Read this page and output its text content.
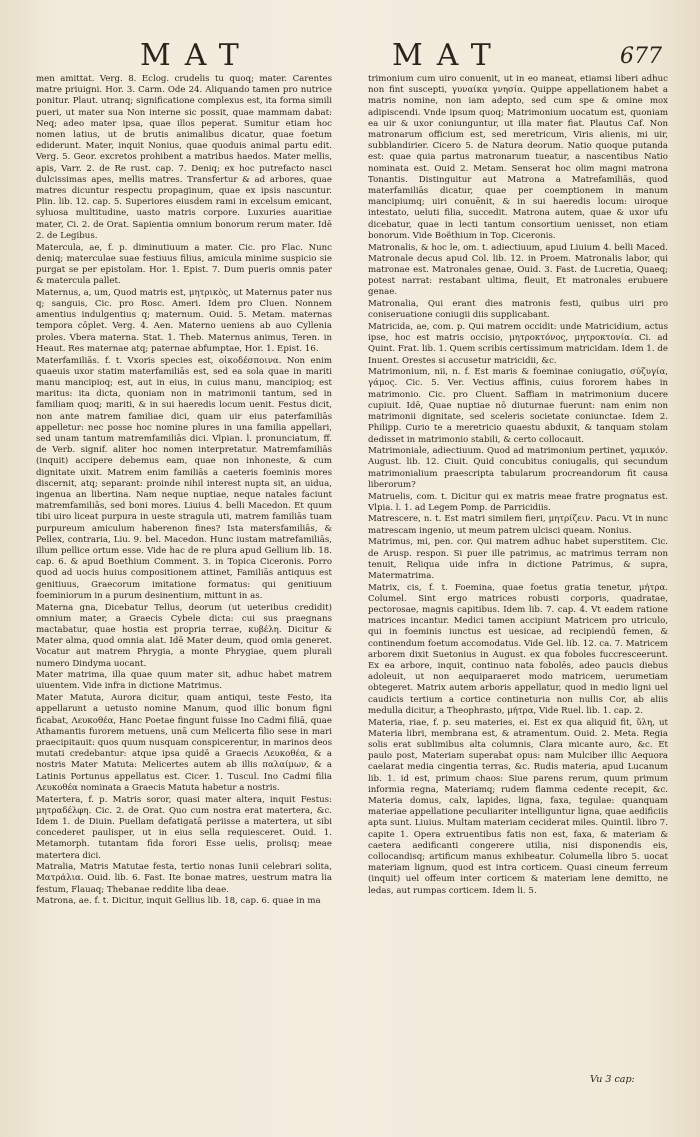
MAT	MAT	677

men amittat. Verg. 8. Eclog. crudelis tu quoq; mater. Carentes matre priuigni. Hor. 3. Carm. Ode 24. Aliquando tamen pro nutrice ponitur. Plaut. utranq; significatione complexus est, ita forma simili pueri, ut mater sua Non interne sic possit, quae mammam dabat: Neq; adeo mater ipsa, quae illos peperat. Sumitur etiam hoc nomen latius, ut de brutis animalibus dicatur, quae foetum ediderunt. Mater, inquit Nonius, quae quoduis animal partu edit. Verg. 5. Geor. excretos prohibent a matribus haedos. Mater mellis, apis, Varr. 2. de Re rust. cap. 7. Deniq; ex hoc putrefacto nasci dulcissimas apes, mellis matres. Transfertur & ad arbores, quae matres dicuntur respectu propaginum, quae ex ipsis nascuntur. Plin. lib. 12. cap. 5. Superiores eiusdem rami in excelsum emicant, syluosa multitudine, uasto matris corpore. Luxuries auaritiae mater, Ci. 2. de Orat. Sapientia omnium bonorum rerum mater. Idē 2. de Legibus.

Matercula, ae, f. p. diminutiuum a mater. Cic. pro Flac. Nunc deniq; materculae suae festiuus filius, amicula minime suspicio sie purgat se per epistolam. Hor. 1. Epist. 7. Dum pueris omnis pater & matercula pallet.

Maternus, a, um, Quod matris est, μητρικὸς, ut Maternus pater nus q; sanguis, Cic. pro Rosc. Ameri. Idem pro Cluen. Nonnem amentius indulgentius q; maternum. Ouid. 5. Metam. maternas tempora cōplet. Verg. 4. Aen. Materno ueniens ab auo Cyllenia proles. Vbera materna. Stat. 1. Theb. Maternus animus, Teren. in Heaut. Res maternae atq; paternae abfumptae, Hor. 1. Epist. 16.

Materfamiliās. f. t. Vxoris species est, οἰκοδέσποινα. Non enim quaeuis uxor statim materfamiliās est, sed ea sola quae in mariti manu mancipioq; est, aut in eius, in cuius manu, mancipioq; est maritus: ita dicta, quoniam non in matrimonii tantum, sed in familiam quoq; mariti, & in sui haeredis locum uenit. Festus dicit, non ante matrem familiae dici, quam uir eius paterfamiliās appelletur: nec posse hoc nomine plures in una familia appellari, sed unam tantum matremfamiliās dici. Vlpian. l. pronunciatum, ff. de Verb. signif. aliter hoc nomen interpretatur. Matremfamiliās (inquit) accipere debemus eam, quae non inhoneste, & cum dignitate uixit. Matrem enim familiās a caeteris foeminis mores discernit, atq; separant: proinde nihil interest nupta sit, an uidua, ingenua an libertina. Nam neque nuptiae, neque natales faciunt matremfamiliās, sed boni mores. Liuius 4. belli Macedon. Et quum tibi uiro liceat purpura in ueste stragula uti, matrem familiās tuam purpureum amiculum haberenon fines? Ista matersfamiliās, & Pellex, contraria, Liu. 9. bel. Macedon. Hunc iustam matrefamiliās, illum pellice ortum esse. Vide hac de re plura apud Gellium lib. 18. cap. 6. & apud Boethium Comment. 3. in Topica Ciceronis. Porro quod ad uocis huius compositionem attinet, Familiās antiquus est genitiuus, Graecorum imitatione formatus: qui genitiuum foeminiorum in a purum desinentium, mittunt in as.

Materna gna, Dicebatur Tellus, deorum (ut ueteribus credidit) omnium mater, a Graecis Cybele dicta: cui sus praegnans mactabatur, quae hostia est propria terrae, κυβέλη. Dicitur & Mater alma, quod omnia alat. Idē Mater deum, quod omia generet. Vocatur aut matrem Phrygia, a monte Phrygiae, quem plurali numero Dindyma uocant.

Mater matrima, illa quae quum mater sit, adhuc habet matrem uiuentem. Vide infra in dictione Matrimus.

Mater Matuta, Aurora dicitur, quam antiqui, teste Festo, ita appellarunt a uetusto nomine Manum, quod illic bonum figni ficabat, Λευκοθέα, Hanc Poetae fingunt fuisse Ino Cadmi filiā, quae Athamantis furorem metuens, unā cum Melicerta filio sese in mari praecipitauit: quos quum nusquam conspicerentur, in marinos deos mutati credebantur: atque ipsa quidē a Graecis Λευκοθέα, & a nostris Mater Matuta: Melicertes autem ab illis παλαίμων, & a Latinis Portunus appellatus est. Cicer. 1. Tuscul. Ino Cadmi filia Λευκοθέα nominata a Graecis Matuta habetur a nostris.

Matertera, f. p. Matris soror, quasi mater altera, inquit Festus: μητραδέλφη. Cic. 2. de Orat. Quo cum nostra erat matertera, &c. Idem 1. de Diuin. Puellam defatigatā periisse a matertera, ut sibi concederet paulisper, ut in eius sella requiesceret. Ouid. 1. Metamorph. tutantam fida forori Esse uelis, prolisq; meae matertera dici.

Matralia, Matris Matutae festa, tertio nonas Iunii celebrari solita, Ματράλια. Ouid. lib. 6. Fast. Ite bonae matres, uestrum matra lia festum, Flauaq; Thebanae reddite liba deae.

Matrona, ae. f. t. Dicitur, inquit Gellius lib. 18, cap. 6. quae in ma

trimonium cum uiro conuenit, ut in eo maneat, etiamsi liberi adhuc non fint suscepti, γυναίκα γνησία. Quippe appellationem habet a matris nomine, non iam adepto, sed cum spe & omine mox adipiscendi. Vnde ipsum quoq; Matrimonium uocatum est, quoniam ea uir & uxor coniunguntur, ut illa mater fiat. Plautus Caf. Non matronarum officium est, sed meretricum, Viris alienis, mi uir, subblandirier. Cicero 5. de Natura deorum. Natio quoque putanda est: quae quia partus matronarum tueatur, a nascentibus Natio nominata est. Ouid 2. Metam. Senserat hoc olim magni matrona Tonantis. Distinguitur aut Matrona a Matrefamiliās, quod materfamiliās dicatur, quae per coemptionem in manum mancipiumq; uiri conuēnit, & in sui haeredis locum: uiroque intestato, ueluti filia, succedit. Matrona autem, quae & uxor ufu dicebatur, quae in lecti tantum consortium uenisset, non etiam bonorum. Vide Boëthium in Top. Ciceronis.

Matronalis, & hoc le, om. t. adiectiuum, apud Liuium 4. belli Maced. Matronale decus apud Col. lib. 12. in Proem. Matronalis labor, qui matronae est. Matronales genae, Ouid. 3. Fast. de Lucretia, Quaeq; potest narrat: restabant ultima, fleuit, Et matronales erubuere genae.

Matronalia, Qui erant dies matronis festi, quibus uiri pro coniseruatione coniugii diis supplicabant.

Matricida, ae, com. p. Qui matrem occidit: unde Matricidium, actus ipse, hoc est matris occisio, μητροκτόνος, μητροκτονία. Ci. ad Quint. Frat. lib. 1. Quem scribis certissimum matricidam. Idem 1. de Inuent. Orestes si accusetur matricidii, &c.

Matrimonium, nii, n. f. Est maris & foeminae coniugatio, σύζυγία, γάμος. Cic. 5. Ver. Vectius affinis, cuius fororem habes in matrimonio. Cic. pro Cluent. Saffiam in matrimonium ducere cupiuit. Idē, Quae nuptiae nō diuturnae fuerunt: nam enim non matrimonii dignitate, sed sceleris societate coniunctae. Idem 2. Philipp. Curio te a meretricio quaestu abduxit, & tanquam stolam dedisset in matrimonio stabili, & certo collocauit.

Matrimoniale, adiectiuum. Quod ad matrimonium pertinet, γαμικόν. August. lib. 12. Ciuit. Quid concubitus coniugalis, qui secundum matrimonialium praescripta tabularum procreandorum fit causa liberorum?

Matruelis, com. t. Dicitur qui ex matris meae fratre prognatus est. Vlpia. l. 1. ad Legem Pomp. de Parricidiis.

Matrescere, n. t. Est matri similem fieri, μητρίζειν. Pacu. Vt in nunc matrescam ingenio, ut meum patrem ulcisci queam. Nonius.

Matrimus, mi, pen. cor. Qui matrem adhuc habet superstitem. Cic. de Arusp. respon. Si puer ille patrimus, ac matrimus terram non tenuit, Reliqua uide infra in dictione Patrimus, & supra, Matermatrima.

Matrix, cis, f. t. Foemina, quae foetus gratia tenetur, μήτρα. Columel. Sint ergo matrices robusti corporis, quadratae, pectorosae, magnis capitibus. Idem lib. 7. cap. 4. Vt eadem ratione matrices incantur. Medici tamen accipiunt Matricem pro utriculo, qui in foeminis iunctus est uesicae, ad recipiendū femen, & continendum foetum accomodatus. Vide Gel. lib. 12. ca. 7. Matricem arborem dixit Suetonius in August. ex qua foboles fuccresceerunt. Ex ea arbore, inquit, continuo nata fobolēs, adeo paucis diebus adoleuit, ut non aequiparaeret modo matricem, uerumetiam obtegeret. Matrix autem arboris appellatur, quod in medio ligni uel caudicis tertium a cortice contineturia non nullis Cor, ab aliis medulla dicitur, a Theophrasto, μήτρα, Vide Ruel. lib. 1. cap. 2.

Materia, riae, f. p. seu materies, ei. Est ex qua aliquid fit, ὕλη, ut Materia libri, membrana est, & atramentum. Ouid. 2. Meta. Regia solis erat sublimibus alta columnis, Clara micante auro, &c. Et paulo post, Materiam superabat opus: nam Mulciber illic Aequora caelarat media cingentia terras, &c. Rudis materia, apud Lucanum lib. 1. id est, primum chaos: Siue parens rerum, quum primum informia regna, Materiamq; rudem flamma cedente recepit, &c. Materia domus, calx, lapides, ligna, faxa, tegulae: quanquam materiae appellatione peculiariter intelliguntur ligna, quae aedificiis apta sunt. Liuius. Multam materiam ceciderat miles. Quintil. libro 7. capite 1. Opera extruentibus fatis non est, faxa, & materiam & caetera aedificanti congerere utilia, nisi disponendis eis, collocandisq; artificum manus exhibeatur. Columella libro 5. uocat materiam lignum, quod est intra corticem. Quasi cineum ferreum (inquit) uel offeum inter corticem & materiam lene demitto, ne ledas, aut rumpas corticem. Idem li. 5.

Vu 3 cap:
